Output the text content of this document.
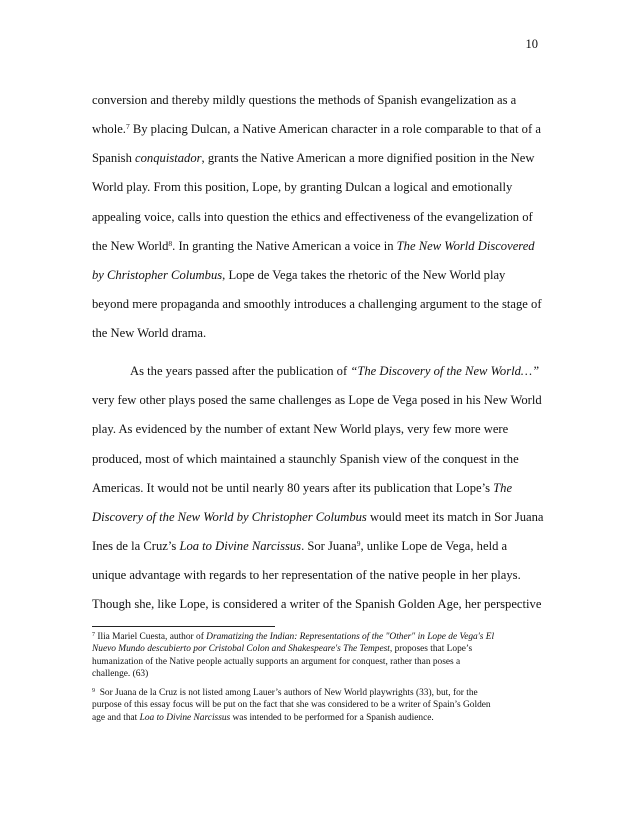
10
conversion and thereby mildly questions the methods of Spanish evangelization as a
whole.$^7$ By placing Dulcan, a Native American character in a role comparable to that of a
Spanish conquistador, grants the Native American a more dignified position in the New
World play. From this position, Lope, by granting Dulcan a logical and emotionally
appealing voice, calls into question the ethics and effectiveness of the evangelization of
the New World$^8$. In granting the Native American a voice in The New World Discovered
by Christopher Columbus, Lope de Vega takes the rhetoric of the New World play
beyond mere propaganda and smoothly introduces a challenging argument to the stage of
the New World drama.
As the years passed after the publication of “The Discovery of the New World…”
very few other plays posed the same challenges as Lope de Vega posed in his New World
play. As evidenced by the number of extant New World plays, very few more were
produced, most of which maintained a staunchly Spanish view of the conquest in the
Americas. It would not be until nearly 80 years after its publication that Lope’s The
Discovery of the New World by Christopher Columbus would meet its match in Sor Juana
Ines de la Cruz’s Loa to Divine Narcissus. Sor Juana$^9$, unlike Lope de Vega, held a
unique advantage with regards to her representation of the native people in her plays.
Though she, like Lope, is considered a writer of the Spanish Golden Age, her perspective
$^7$ Ilia Mariel Cuesta, author of Dramatizing the Indian: Representations of the "Other" in Lope de Vega's El
Nuevo Mundo descubierto por Cristobal Colon and Shakespeare's The Tempest, proposes that Lope’s
humanization of the Native people actually supports an argument for conquest, rather than poses a
challenge. (63)
$^9$  Sor Juana de la Cruz is not listed among Lauer’s authors of New World playwrights (33), but, for the
purpose of this essay focus will be put on the fact that she was considered to be a writer of Spain’s Golden
age and that Loa to Divine Narcissus was intended to be performed for a Spanish audience.
